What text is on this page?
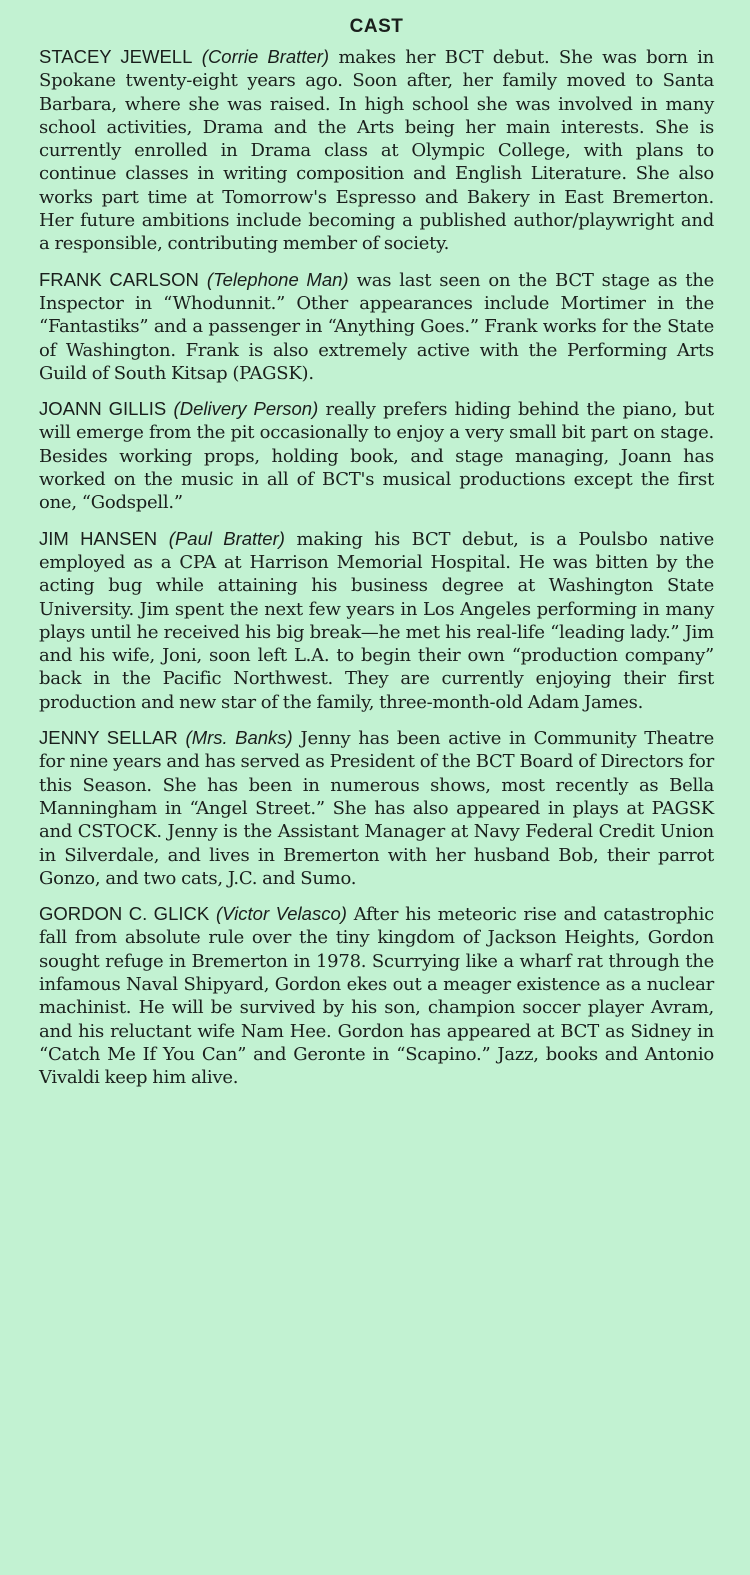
CAST

STACEY JEWELL (Corrie Bratter) makes her BCT debut. She was born in Spokane twenty-eight years ago. Soon after, her family moved to Santa Barbara, where she was raised. In high school she was involved in many school activities, Drama and the Arts being her main interests. She is currently enrolled in Drama class at Olympic College, with plans to continue classes in writing composition and English Literature. She also works part time at Tomorrow's Espresso and Bakery in East Bremerton. Her future ambitions include becoming a published author/playwright and a responsible, contributing member of society.

FRANK CARLSON (Telephone Man) was last seen on the BCT stage as the Inspector in “Whodunnit.” Other appearances include Mortimer in the “Fantastiks” and a passenger in “Anything Goes.” Frank works for the State of Washington. Frank is also extremely active with the Performing Arts Guild of South Kitsap (PAGSK).

JOANN GILLIS (Delivery Person) really prefers hiding behind the piano, but will emerge from the pit occasionally to enjoy a very small bit part on stage. Besides working props, holding book, and stage managing, Joann has worked on the music in all of BCT's musical productions except the first one, “Godspell.”

JIM HANSEN (Paul Bratter) making his BCT debut, is a Poulsbo native employed as a CPA at Harrison Memorial Hospital. He was bitten by the acting bug while attaining his business degree at Washington State University. Jim spent the next few years in Los Angeles performing in many plays until he received his big break—he met his real-life “leading lady.” Jim and his wife, Joni, soon left L.A. to begin their own “production company” back in the Pacific Northwest. They are currently enjoying their first production and new star of the family, three-month-old Adam James.

JENNY SELLAR (Mrs. Banks) Jenny has been active in Community Theatre for nine years and has served as President of the BCT Board of Directors for this Season. She has been in numerous shows, most recently as Bella Manningham in “Angel Street.” She has also appeared in plays at PAGSK and CSTOCK. Jenny is the Assistant Manager at Navy Federal Credit Union in Silverdale, and lives in Bremerton with her husband Bob, their parrot Gonzo, and two cats, J.C. and Sumo.

GORDON C. GLICK (Victor Velasco) After his meteoric rise and catastrophic fall from absolute rule over the tiny kingdom of Jackson Heights, Gordon sought refuge in Bremerton in 1978. Scurrying like a wharf rat through the infamous Naval Shipyard, Gordon ekes out a meager existence as a nuclear machinist. He will be survived by his son, champion soccer player Avram, and his reluctant wife Nam Hee. Gordon has appeared at BCT as Sidney in “Catch Me If You Can” and Geronte in “Scapino.” Jazz, books and Antonio Vivaldi keep him alive.
